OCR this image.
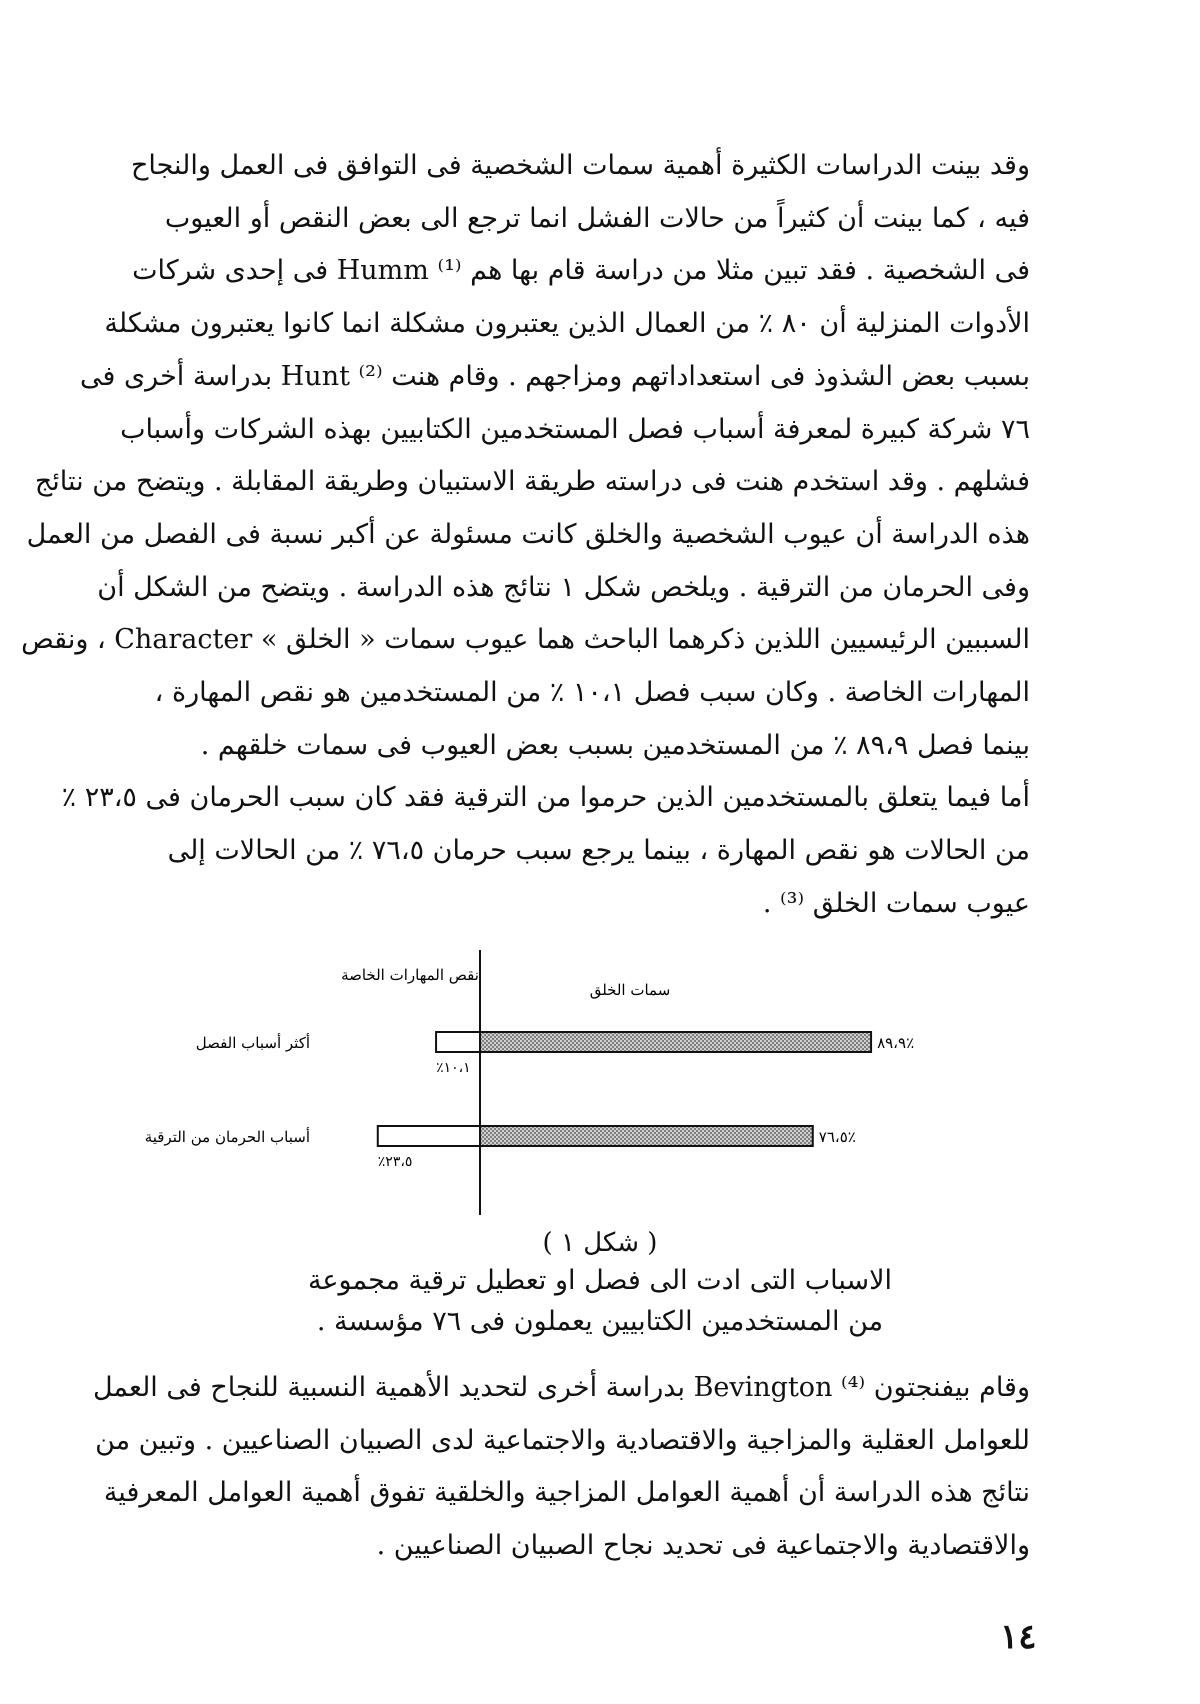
وقد بينت الدراسات الكثيرة أهمية سمات الشخصية فى التوافق فى العمل والنجاح
فيه ، كما بينت أن كثيراً من حالات الفشل انما ترجع الى بعض النقص أو العيوب
فى الشخصية . فقد تبين مثلا من دراسة قام بها هم Humm ⁽¹⁾ فى إحدى شركات
الأدوات المنزلية أن ٨٠ ٪ من العمال الذين يعتبرون مشكلة انما كانوا يعتبرون مشكلة
بسبب بعض الشذوذ فى استعداداتهم ومزاجهم . وقام هنت Hunt ⁽²⁾ بدراسة أخرى فى
٧٦ شركة كبيرة لمعرفة أسباب فصل المستخدمين الكتابيين بهذه الشركات وأسباب
فشلهم . وقد استخدم هنت فى دراسته طريقة الاستبيان وطريقة المقابلة . ويتضح من نتائج
هذه الدراسة أن عيوب الشخصية والخلق كانت مسئولة عن أكبر نسبة فى الفصل من العمل
وفى الحرمان من الترقية . ويلخص شكل ١ نتائج هذه الدراسة . ويتضح من الشكل أن
السببين الرئيسيين اللذين ذكرهما الباحث هما عيوب سمات « الخلق » Character ، ونقص
المهارات الخاصة . وكان سبب فصل ١٠،١ ٪ من المستخدمين هو نقص المهارة ،
بينما فصل ٨٩،٩ ٪ من المستخدمين بسبب بعض العيوب فى سمات خلقهم .
أما فيما يتعلق بالمستخدمين الذين حرموا من الترقية فقد كان سبب الحرمان فى ٢٣،٥ ٪
من الحالات هو نقص المهارة ، بينما يرجع سبب حرمان ٧٦،٥ ٪ من الحالات إلى
عيوب سمات الخلق ⁽³⁾ .
نقص المهارات الخاصة
سمات الخلق
أكثر أسباب الفصل
أسباب الحرمان من الترقية
٨٩،٩٪
٪١٠،١
٧٦،٥٪
٪٢٣،٥
( شكل ١ )
الاسباب التى ادت الى فصل او تعطيل ترقية مجموعة
من المستخدمين الكتابيين يعملون فى ٧٦ مؤسسة .
وقام بيفنجتون Bevington ⁽⁴⁾ بدراسة أخرى لتحديد الأهمية النسبية للنجاح فى العمل
للعوامل العقلية والمزاجية والاقتصادية والاجتماعية لدى الصبيان الصناعيين . وتبين من
نتائج هذه الدراسة أن أهمية العوامل المزاجية والخلقية تفوق أهمية العوامل المعرفية
والاقتصادية والاجتماعية فى تحديد نجاح الصبيان الصناعيين .
١٤
